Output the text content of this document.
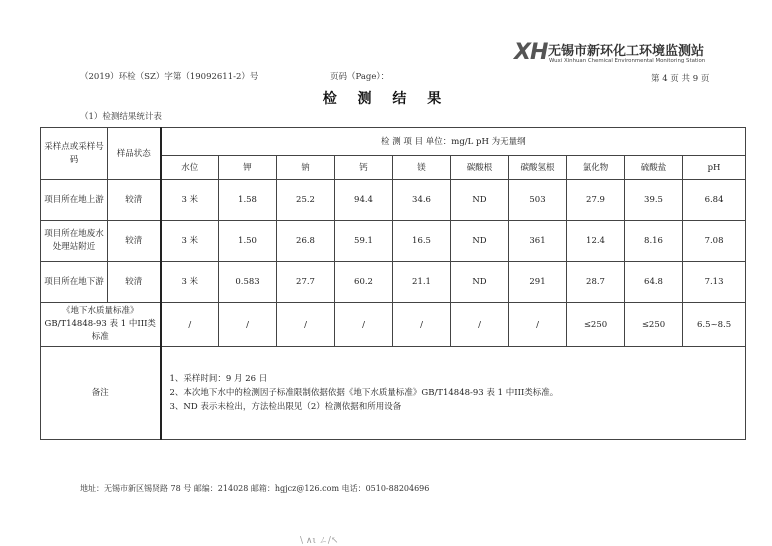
XH 无锡市新环化工环境监测站
Wuxi Xinhuan Chemical Environmental Monitoring Station
（2019）环检（SZ）字第（19092611-2）号	页码（Page）：	第 4 页 共 9 页
检 测 结 果
（1）检测结果统计表
采样点或采样号码	样品状态	检 测 项 目 单位：mg/L pH 为无量纲									
		水位	钾	钠	钙	镁	碳酸根	碳酸氢根	氯化物	硫酸盐	pH
项目所在地上游	较清	3 米	1.58	25.2	94.4	34.6	ND	503	27.9	39.5	6.84
项目所在地废水处理站附近	较清	3 米	1.50	26.8	59.1	16.5	ND	361	12.4	8.16	7.08
项目所在地下游	较清	3 米	0.583	27.7	60.2	21.1	ND	291	28.7	64.8	7.13
《地下水质量标准》GB/T14848-93 表 1 中III类标准		/	/	/	/	/	/	/	≤250	≤250	6.5~8.5
备注		1、采样时间：9 月 26 日
2、本次地下水中的检测因子标准限制依据依据《地下水质量标准》GB/T14848-93 表 1 中III类标准。
3、ND 表示未检出，方法检出限见（2）检测依据和所用设备									
地址：无锡市新区锡贤路 78 号 邮编：214028 邮箱：hgjcz@126.com 电话：0510-88204696
\ ∧ι ㄥ/↖
